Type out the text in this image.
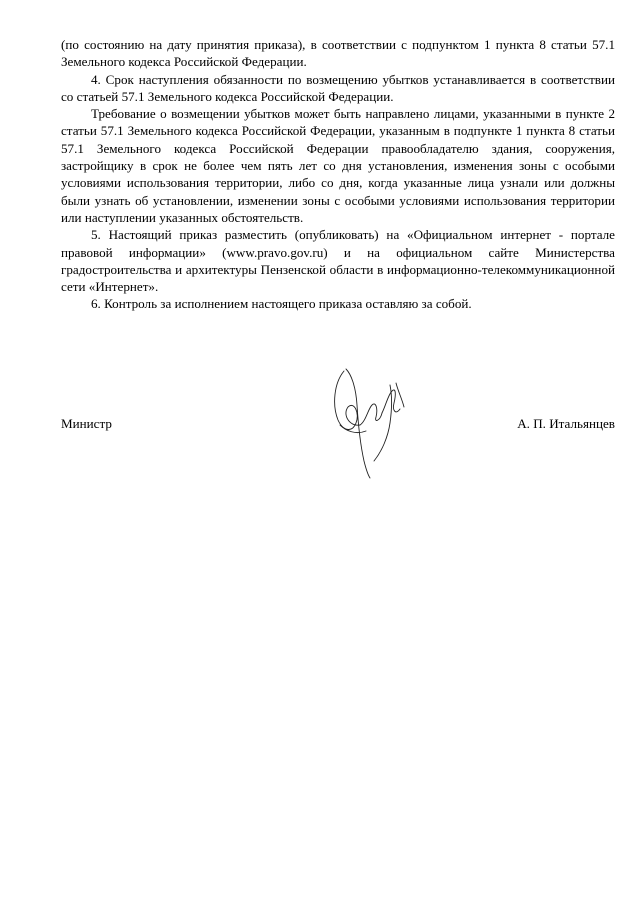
(по состоянию на дату принятия приказа), в соответствии с подпунктом 1 пункта 8 статьи 57.1 Земельного кодекса Российской Федерации.

4. Срок наступления обязанности по возмещению убытков устанавливается в соответствии со статьей 57.1 Земельного кодекса Российской Федерации.

Требование о возмещении убытков может быть направлено лицами, указанными в пункте 2 статьи 57.1 Земельного кодекса Российской Федерации, указанным в подпункте 1 пункта 8 статьи 57.1 Земельного кодекса Российской Федерации правообладателю здания, сооружения, застройщику в срок не более чем пять лет со дня установления, изменения зоны с особыми условиями использования территории, либо со дня, когда указанные лица узнали или должны были узнать об установлении, изменении зоны с особыми условиями использования территории или наступлении указанных обстоятельств.

5. Настоящий приказ разместить (опубликовать) на «Официальном интернет - портале правовой информации» (www.pravo.gov.ru) и на официальном сайте Министерства градостроительства и архитектуры Пензенской области в информационно-телекоммуникационной сети «Интернет».

6. Контроль за исполнением настоящего приказа оставляю за собой.

Министр	А. П. Итальянцев
